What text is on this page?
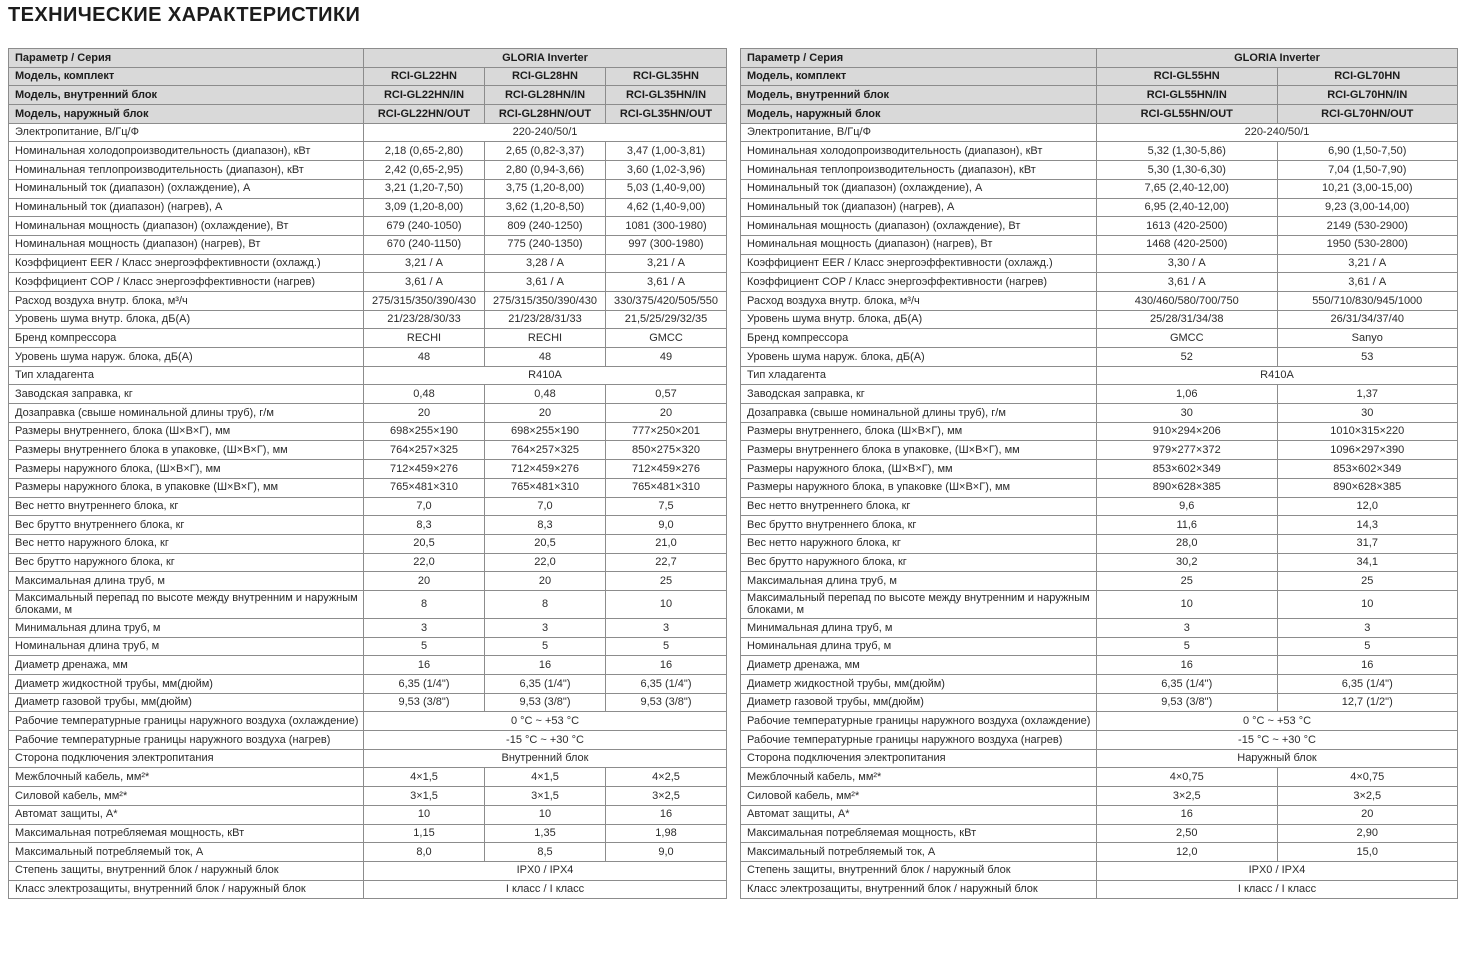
ТЕХНИЧЕСКИЕ ХАРАКТЕРИСТИКИ
Параметр / Серия	GLORIA Inverter		
Модель, комплект	RCI-GL22HN	RCI-GL28HN	RCI-GL35HN
Модель, внутренний блок	RCI-GL22HN/IN	RCI-GL28HN/IN	RCI-GL35HN/IN
Модель, наружный блок	RCI-GL22HN/OUT	RCI-GL28HN/OUT	RCI-GL35HN/OUT
Электропитание, В/Гц/Ф	220-240/50/1		
Номинальная холодопроизводительность (диапазон), кВт	2,18 (0,65-2,80)	2,65 (0,82-3,37)	3,47 (1,00-3,81)
Номинальная теплопроизводительность (диапазон), кВт	2,42 (0,65-2,95)	2,80 (0,94-3,66)	3,60 (1,02-3,96)
Номинальный ток (диапазон) (охлаждение), А	3,21 (1,20-7,50)	3,75 (1,20-8,00)	5,03 (1,40-9,00)
Номинальный ток (диапазон) (нагрев), А	3,09 (1,20-8,00)	3,62 (1,20-8,50)	4,62 (1,40-9,00)
Номинальная мощность (диапазон) (охлаждение), Вт	679 (240-1050)	809 (240-1250)	1081 (300-1980)
Номинальная мощность (диапазон) (нагрев), Вт	670 (240-1150)	775 (240-1350)	997 (300-1980)
Коэффициент EER / Класс энергоэффективности (охлажд.)	3,21 / А	3,28 / А	3,21 / А
Коэффициент COP / Класс энергоэффективности (нагрев)	3,61 / А	3,61 / А	3,61 / А
Расход воздуха внутр. блока, м³/ч	275/315/350/390/430	275/315/350/390/430	330/375/420/505/550
Уровень шума внутр. блока, дБ(А)	21/23/28/30/33	21/23/28/31/33	21,5/25/29/32/35
Бренд компрессора	RECHI	RECHI	GMCC
Уровень шума наруж. блока, дБ(А)	48	48	49
Тип хладагента	R410A		
Заводская заправка, кг	0,48	0,48	0,57
Дозаправка (свыше номинальной длины труб), г/м	20	20	20
Размеры внутреннего, блока (Ш×В×Г), мм	698×255×190	698×255×190	777×250×201
Размеры внутреннего блока в упаковке, (Ш×В×Г), мм	764×257×325	764×257×325	850×275×320
Размеры наружного блока, (Ш×В×Г), мм	712×459×276	712×459×276	712×459×276
Размеры наружного блока, в упаковке (Ш×В×Г), мм	765×481×310	765×481×310	765×481×310
Вес нетто внутреннего блока, кг	7,0	7,0	7,5
Вес брутто внутреннего блока, кг	8,3	8,3	9,0
Вес нетто наружного блока, кг	20,5	20,5	21,0
Вес брутто наружного блока, кг	22,0	22,0	22,7
Максимальная длина труб, м	20	20	25
Максимальный перепад по высоте между внутренним и наружным блоками, м	8	8	10
Минимальная длина труб, м	3	3	3
Номинальная длина труб, м	5	5	5
Диаметр дренажа, мм	16	16	16
Диаметр жидкостной трубы, мм(дюйм)	6,35 (1/4")	6,35 (1/4")	6,35 (1/4")
Диаметр газовой трубы, мм(дюйм)	9,53 (3/8")	9,53 (3/8")	9,53 (3/8")
Рабочие температурные границы наружного воздуха (охлаждение)	0 °C ~ +53 °C		
Рабочие температурные границы наружного воздуха (нагрев)	-15 °C ~ +30 °C		
Сторона подключения электропитания	Внутренний блок		
Межблочный кабель, мм²*	4×1,5	4×1,5	4×2,5
Силовой кабель, мм²*	3×1,5	3×1,5	3×2,5
Автомат защиты, А*	10	10	16
Максимальная потребляемая мощность, кВт	1,15	1,35	1,98
Максимальный потребляемый ток, А	8,0	8,5	9,0
Степень защиты, внутренний блок / наружный блок	IPX0 / IPX4		
Класс электрозащиты, внутренний блок / наружный блок	I класс / I класс		
Параметр / Серия	GLORIA Inverter	
Модель, комплект	RCI-GL55HN	RCI-GL70HN
Модель, внутренний блок	RCI-GL55HN/IN	RCI-GL70HN/IN
Модель, наружный блок	RCI-GL55HN/OUT	RCI-GL70HN/OUT
Электропитание, В/Гц/Ф	220-240/50/1	
Номинальная холодопроизводительность (диапазон), кВт	5,32 (1,30-5,86)	6,90 (1,50-7,50)
Номинальная теплопроизводительность (диапазон), кВт	5,30 (1,30-6,30)	7,04 (1,50-7,90)
Номинальный ток (диапазон) (охлаждение), А	7,65 (2,40-12,00)	10,21 (3,00-15,00)
Номинальный ток (диапазон) (нагрев), А	6,95 (2,40-12,00)	9,23 (3,00-14,00)
Номинальная мощность (диапазон) (охлаждение), Вт	1613 (420-2500)	2149 (530-2900)
Номинальная мощность (диапазон) (нагрев), Вт	1468 (420-2500)	1950 (530-2800)
Коэффициент EER / Класс энергоэффективности (охлажд.)	3,30 / А	3,21 / А
Коэффициент COP / Класс энергоэффективности (нагрев)	3,61 / А	3,61 / А
Расход воздуха внутр. блока, м³/ч	430/460/580/700/750	550/710/830/945/1000
Уровень шума внутр. блока, дБ(А)	25/28/31/34/38	26/31/34/37/40
Бренд компрессора	GMCC	Sanyo
Уровень шума наруж. блока, дБ(А)	52	53
Тип хладагента	R410A	
Заводская заправка, кг	1,06	1,37
Дозаправка (свыше номинальной длины труб), г/м	30	30
Размеры внутреннего, блока (Ш×В×Г), мм	910×294×206	1010×315×220
Размеры внутреннего блока в упаковке, (Ш×В×Г), мм	979×277×372	1096×297×390
Размеры наружного блока, (Ш×В×Г), мм	853×602×349	853×602×349
Размеры наружного блока, в упаковке (Ш×В×Г), мм	890×628×385	890×628×385
Вес нетто внутреннего блока, кг	9,6	12,0
Вес брутто внутреннего блока, кг	11,6	14,3
Вес нетто наружного блока, кг	28,0	31,7
Вес брутто наружного блока, кг	30,2	34,1
Максимальная длина труб, м	25	25
Максимальный перепад по высоте между внутренним и наружным блоками, м	10	10
Минимальная длина труб, м	3	3
Номинальная длина труб, м	5	5
Диаметр дренажа, мм	16	16
Диаметр жидкостной трубы, мм(дюйм)	6,35 (1/4")	6,35 (1/4")
Диаметр газовой трубы, мм(дюйм)	9,53 (3/8")	12,7 (1/2")
Рабочие температурные границы наружного воздуха (охлаждение)	0 °C ~ +53 °C	
Рабочие температурные границы наружного воздуха (нагрев)	-15 °C ~ +30 °C	
Сторона подключения электропитания	Наружный блок	
Межблочный кабель, мм²*	4×0,75	4×0,75
Силовой кабель, мм²*	3×2,5	3×2,5
Автомат защиты, А*	16	20
Максимальная потребляемая мощность, кВт	2,50	2,90
Максимальный потребляемый ток, А	12,0	15,0
Степень защиты, внутренний блок / наружный блок	IPX0 / IPX4	
Класс электрозащиты, внутренний блок / наружный блок	I класс / I класс	
